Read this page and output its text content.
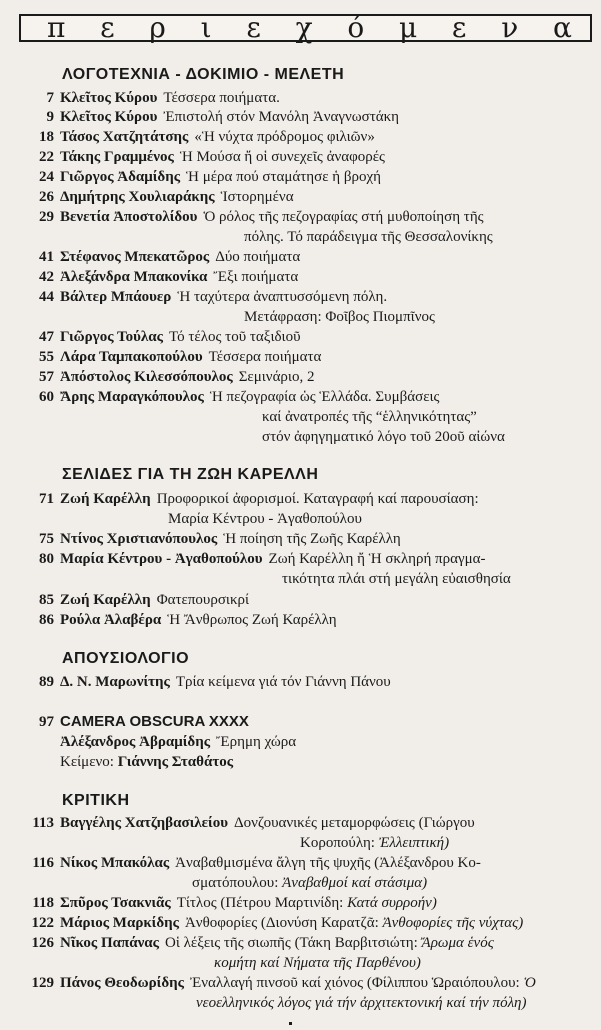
π ε ρ ι ε χ ό μ ε ν α
ΛΟΓΟΤΕΧΝΙΑ - ΔΟΚΙΜΙΟ - ΜΕΛΕΤΗ
7 Κλεῖτος Κύρου Τέσσερα ποιήματα.
9 Κλεῖτος Κύρου Ἐπιστολή στόν Μανόλη Ἀναγνωστάκη
18 Τάσος Χατζητάτσης «Ἡ νύχτα πρόδρομος φιλιῶν»
22 Τάκης Γραμμένος Ἡ Μούσα ἤ οἱ συνεχεῖς ἀναφορές
24 Γιῶργος Ἀδαμίδης Ἡ μέρα πού σταμάτησε ἡ βροχή
26 Δημήτρης Χουλιαράκης Ἱστορημένα
29 Βενετία Ἀποστολίδου Ὁ ρόλος τῆς πεζογραφίας στή μυθοποίηση τῆς
πόλης. Τό παράδειγμα τῆς Θεσσαλονίκης
41 Στέφανος Μπεκατῶρος Δύο ποιήματα
42 Ἀλεξάνδρα Μπακονίκα Ἔξι ποιήματα
44 Βάλτερ Μπάουερ Ἡ ταχύτερα ἀναπτυσσόμενη πόλη.
Μετάφραση: Φοῖβος Πιομπῖνος
47 Γιῶργος Τούλας Τό τέλος τοῦ ταξιδιοῦ
55 Λάρα Ταμπακοπούλου Τέσσερα ποιήματα
57 Ἀπόστολος Κιλεσσόπουλος Σεμινάριο, 2
60 Ἄρης Μαραγκόπουλος Ἡ πεζογραφία ὡς Ἑλλάδα. Συμβάσεις
καί ἀνατροπές τῆς “ἑλληνικότητας”
στόν ἀφηγηματικό λόγο τοῦ 20οῦ αἰώνα
ΣΕΛΙΔΕΣ ΓΙΑ ΤΗ ΖΩΗ ΚΑΡΕΛΛΗ
71 Ζωή Καρέλλη Προφορικοί ἀφορισμοί. Καταγραφή καί παρουσίαση:
Μαρία Κέντρου - Ἀγαθοπούλου
75 Ντίνος Χριστιανόπουλος Ἡ ποίηση τῆς Ζωῆς Καρέλλη
80 Μαρία Κέντρου - Ἀγαθοπούλου Ζωή Καρέλλη ἤ Ἡ σκληρή πραγμα-
τικότητα πλάι στή μεγάλη εὐαισθησία
85 Ζωή Καρέλλη Φατεπουρσικρί
86 Ρούλα Ἀλαβέρα Ἡ Ἄνθρωπος Ζωή Καρέλλη
ΑΠΟΥΣΙΟΛΟΓΙΟ
89 Δ. Ν. Μαρωνίτης Τρία κείμενα γιά τόν Γιάννη Πάνου
97 CAMERA OBSCURA XXXX
Ἀλέξανδρος Ἀβραμίδης Ἔρημη χώρα
Κείμενο: Γιάννης Σταθάτος
ΚΡΙΤΙΚΗ
113 Βαγγέλης Χατζηβασιλείου Δονζουανικές μεταμορφώσεις (Γιώργου
Κοροπούλη: Ἐλλειπτική)
116 Νίκος Μπακόλας Ἀναβαθμισμένα ἄλγη τῆς ψυχῆς (Ἀλέξανδρου Κο-
σματόπουλου: Ἀναβαθμοί καί στάσιμα)
118 Σπῦρος Τσακνιᾶς Τίτλος (Πέτρου Μαρτινίδη: Κατά συρροήν)
122 Μάριος Μαρκίδης Ἀνθοφορίες (Διονύση Καρατζᾶ: Ἀνθοφορίες τῆς νύχτας)
126 Νῖκος Παπάνας Οἱ λέξεις τῆς σιωπῆς (Τάκη Βαρβιτσιώτη: Ἄρωμα ἑνός
κομήτη καί Νήματα τῆς Παρθένου)
129 Πάνος Θεοδωρίδης Ἐναλλαγή πινσοῦ καί χιόνος (Φίλιππου Ὡραιόπουλου: Ὁ
νεοελληνικός λόγος γιά τήν ἀρχιτεκτονική καί τήν πόλη)
